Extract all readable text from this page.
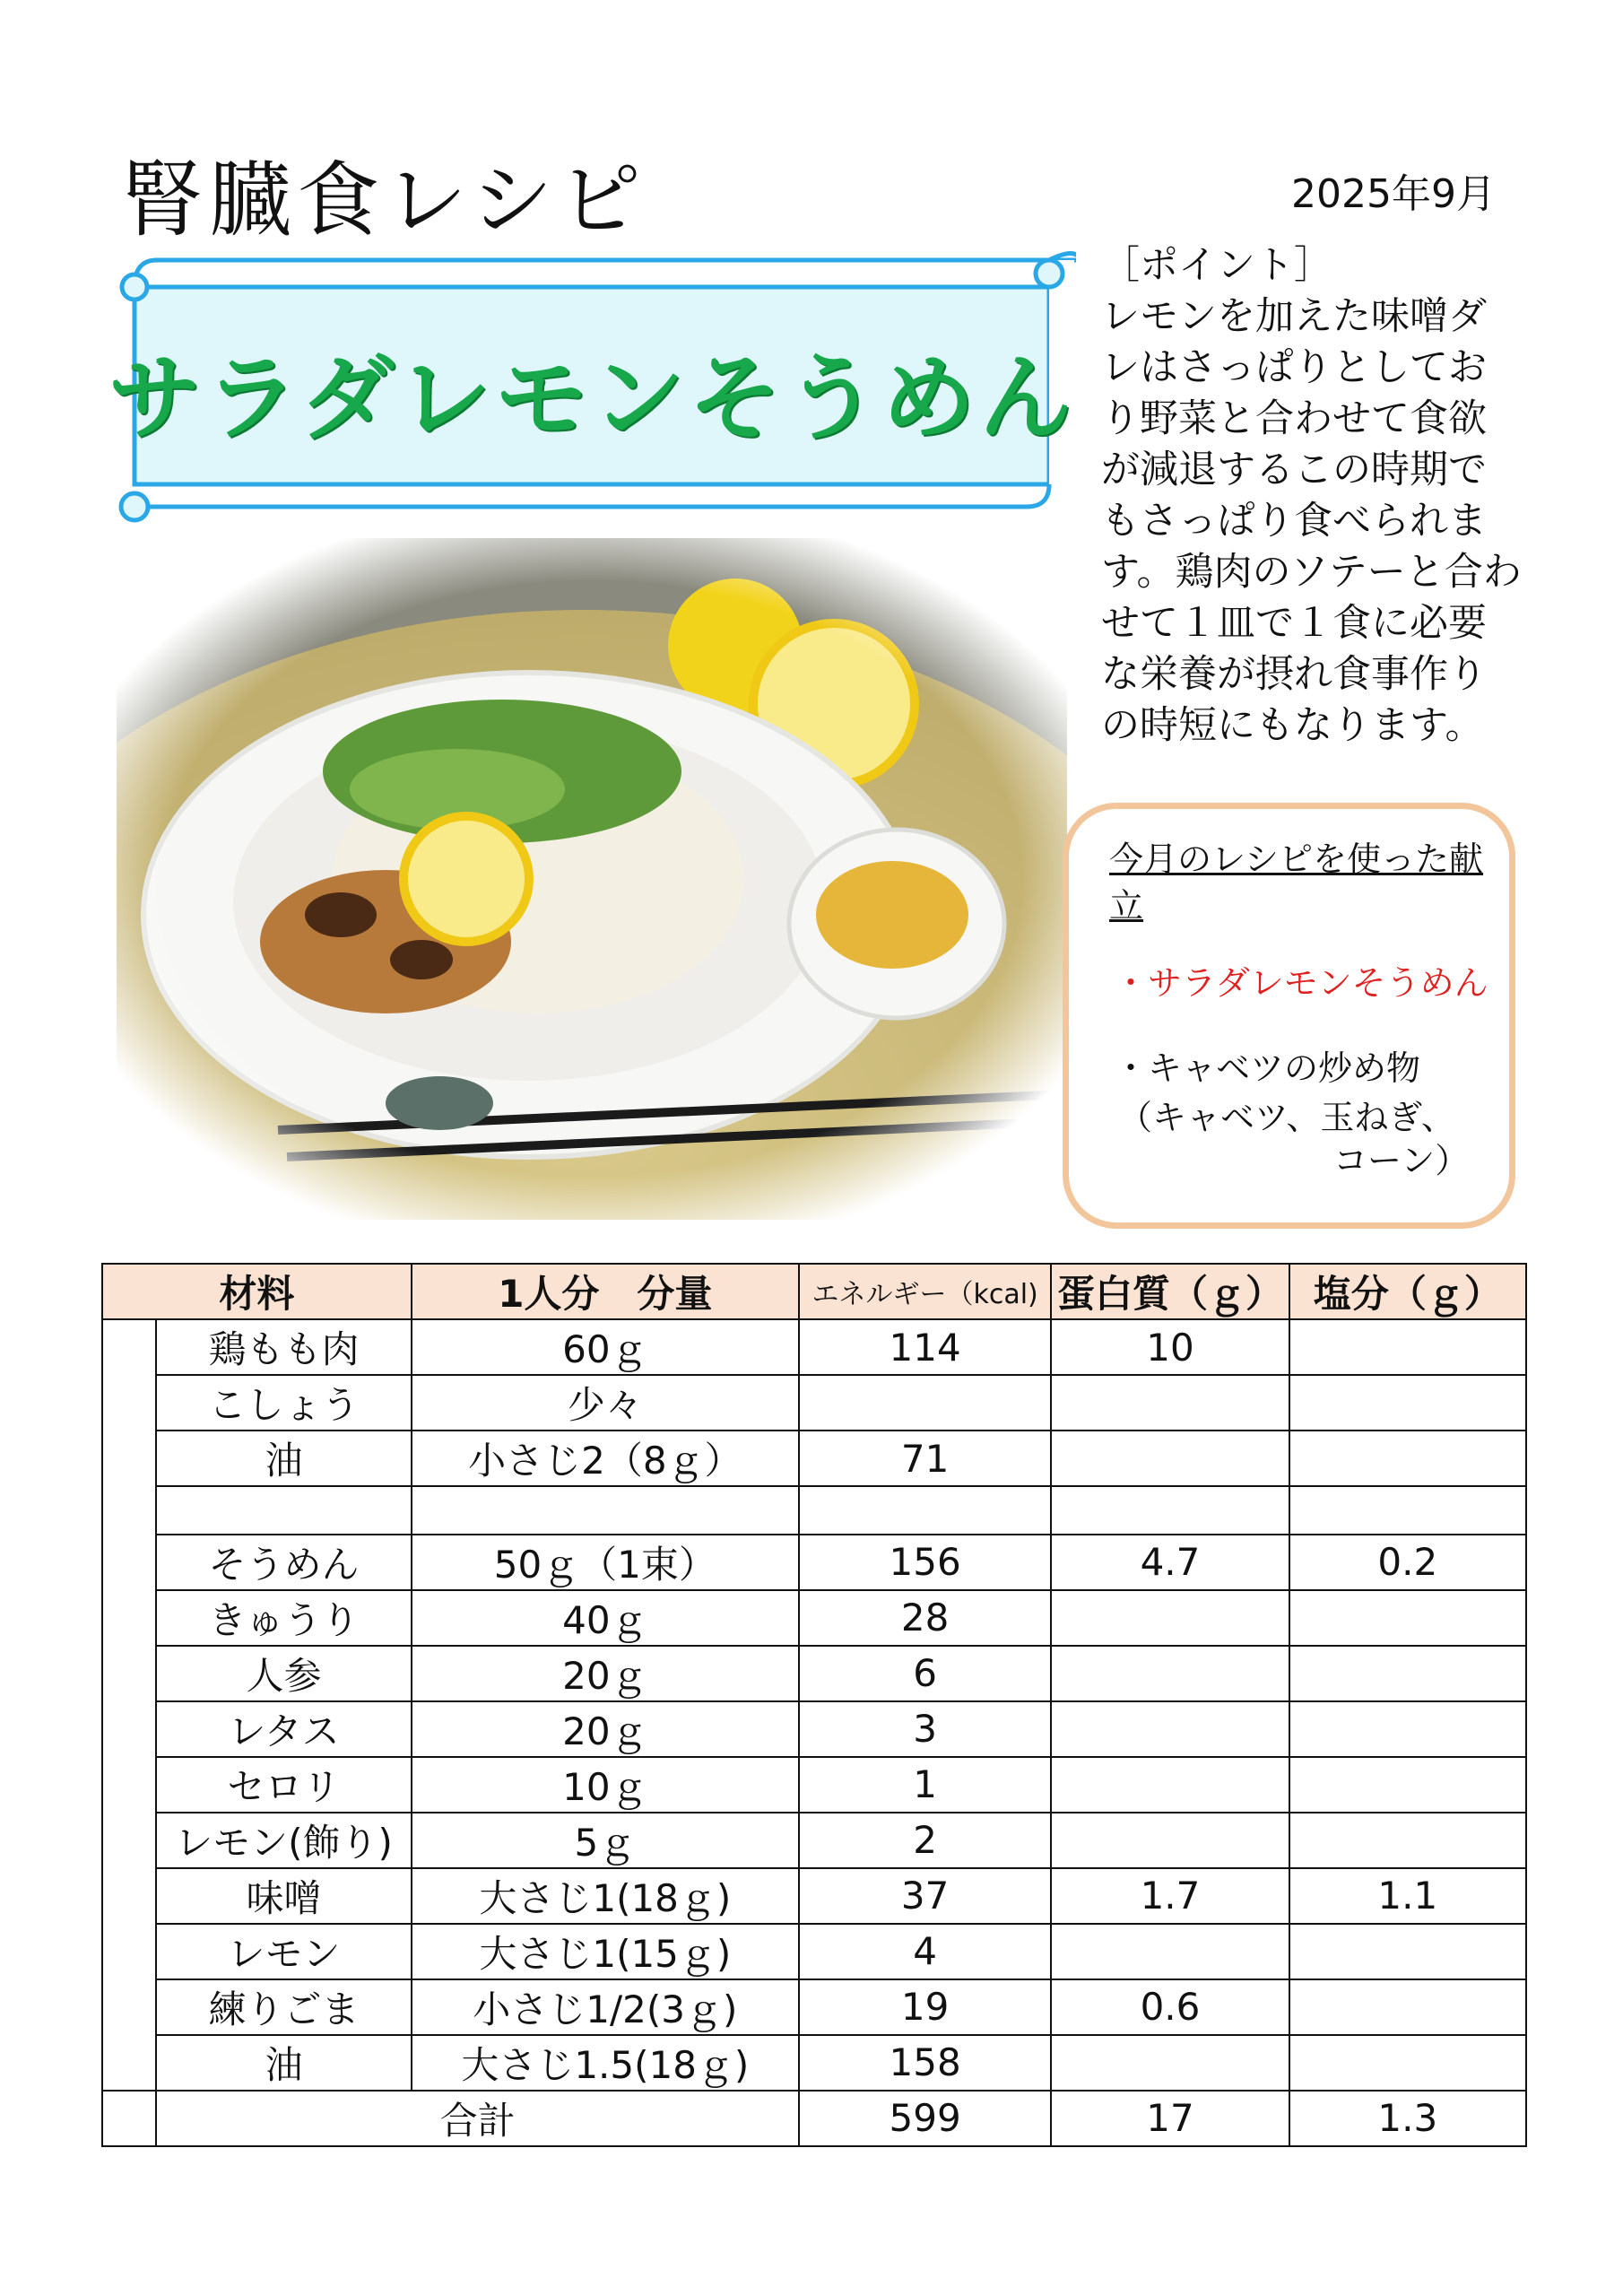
腎臓食レシピ	2025年9月
サラダレモンそうめん
［ポイント］
レモンを加えた味噌ダレはさっぱりとしており野菜と合わせて食欲が減退するこの時期でもさっぱり食べられます。鶏肉のソテーと合わせて１皿で１食に必要な栄養が摂れ食事作りの時短にもなります。
今月のレシピを使った献立
・サラダレモンそうめん
・キャベツの炒め物
（キャベツ、玉ねぎ、
コーン）
材料		1人分　分量	エネルギー（kcal)	蛋白質（ｇ）	塩分（ｇ）
	鶏もも肉	60ｇ	114	10	
	こしょう	少々			
	油	小さじ2（8ｇ）	71		

	そうめん	50ｇ（1束）	156	4.7	0.2
	きゅうり	40ｇ	28		
	人参	20ｇ	6		
	レタス	20ｇ	3		
	セロリ	10ｇ	1		
	レモン(飾り)	5ｇ	2		
	味噌	大さじ1(18ｇ)	37	1.7	1.1
	レモン	大さじ1(15ｇ)	4		
	練りごま	小さじ1/2(3ｇ)	19	0.6	
	油	大さじ1.5(18ｇ)	158		
	合計		599	17	1.3
